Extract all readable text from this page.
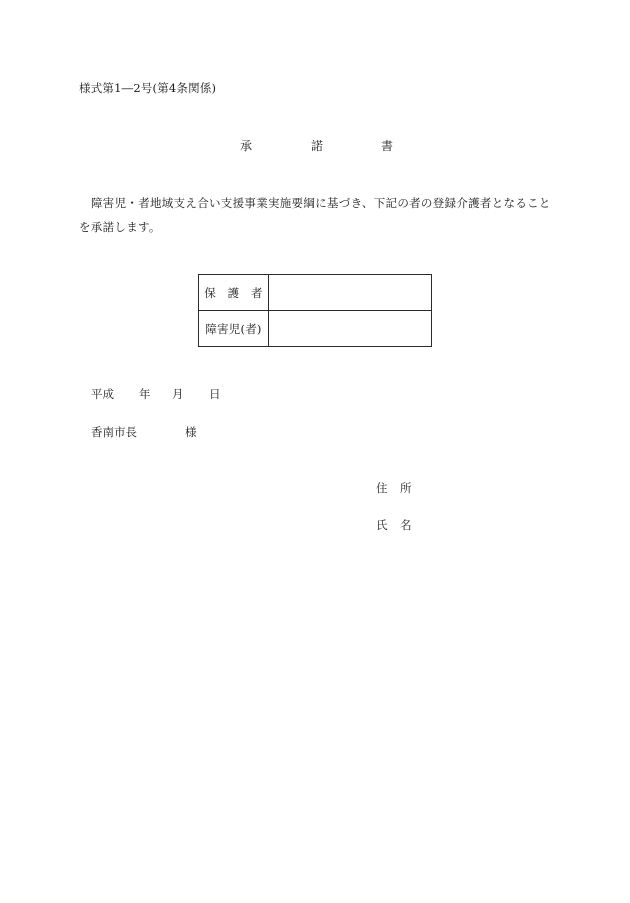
様式第1―2号(第4条関係)
承	諾	書
障害児・者地域支え合い支援事業実施要綱に基づき、下記の者の登録介護者となること
を承諾します。
保　護　者	
障害児(者)	
平成 年 月 日
香南市長	様
住 所
氏 名
